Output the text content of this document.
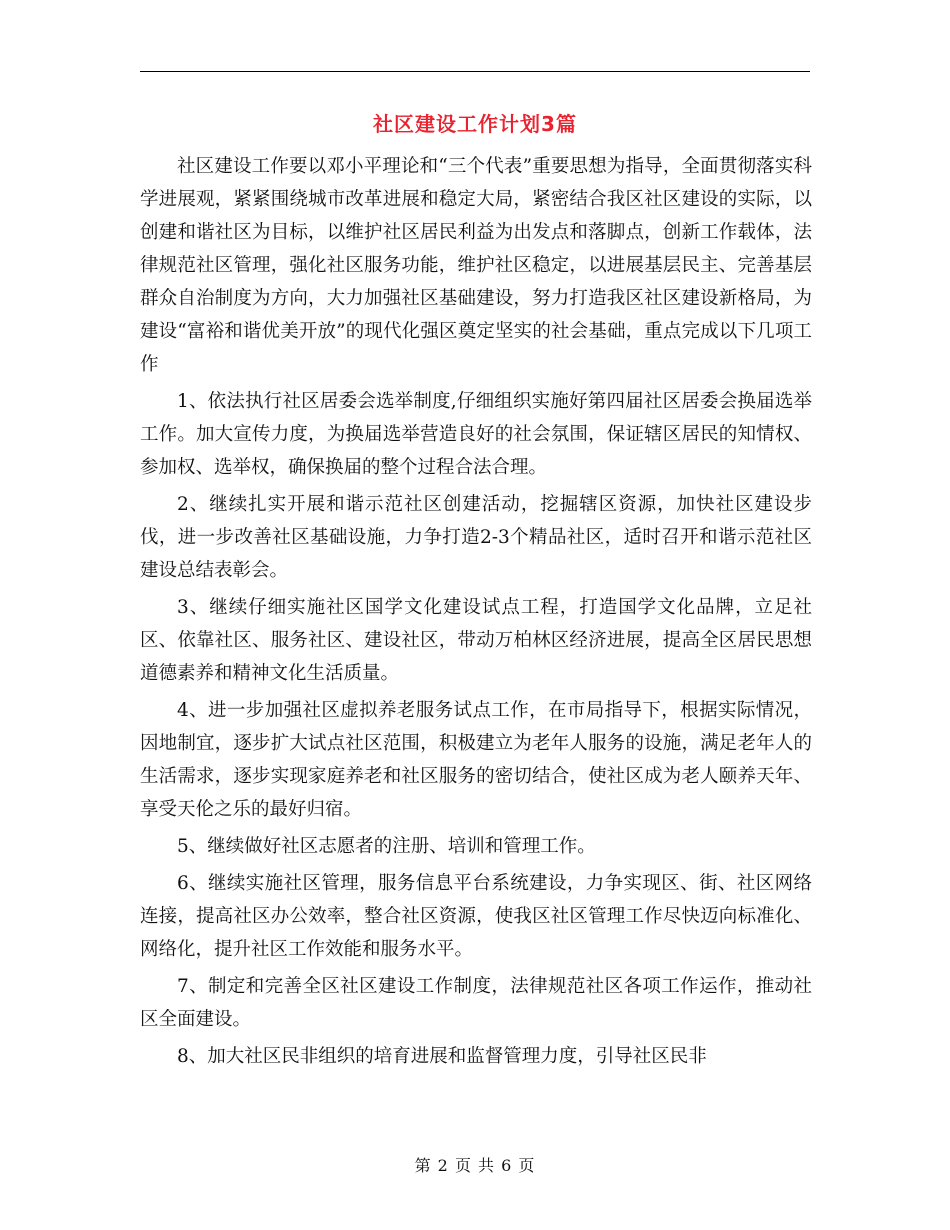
社区建设工作计划3篇

社区建设工作要以邓小平理论和“三个代表”重要思想为指导，全面贯彻落实科学进展观，紧紧围绕城市改革进展和稳定大局，紧密结合我区社区建设的实际，以创建和谐社区为目标，以维护社区居民利益为出发点和落脚点，创新工作载体，法律规范社区管理，强化社区服务功能，维护社区稳定，以进展基层民主、完善基层群众自治制度为方向，大力加强社区基础建设，努力打造我区社区建设新格局，为建设“富裕和谐优美开放”的现代化强区奠定坚实的社会基础，重点完成以下几项工作

1、依法执行社区居委会选举制度,仔细组织实施好第四届社区居委会换届选举工作。加大宣传力度，为换届选举营造良好的社会氛围，保证辖区居民的知情权、参加权、选举权，确保换届的整个过程合法合理。

2、继续扎实开展和谐示范社区创建活动，挖掘辖区资源，加快社区建设步伐，进一步改善社区基础设施，力争打造2-3个精品社区，适时召开和谐示范社区建设总结表彰会。

3、继续仔细实施社区国学文化建设试点工程，打造国学文化品牌，立足社区、依靠社区、服务社区、建设社区，带动万柏林区经济进展，提高全区居民思想道德素养和精神文化生活质量。

4、进一步加强社区虚拟养老服务试点工作，在市局指导下，根据实际情况，因地制宜，逐步扩大试点社区范围，积极建立为老年人服务的设施，满足老年人的生活需求，逐步实现家庭养老和社区服务的密切结合，使社区成为老人颐养天年、享受天伦之乐的最好归宿。

5、继续做好社区志愿者的注册、培训和管理工作。

6、继续实施社区管理，服务信息平台系统建设，力争实现区、街、社区网络连接，提高社区办公效率，整合社区资源，使我区社区管理工作尽快迈向标准化、网络化，提升社区工作效能和服务水平。

7、制定和完善全区社区建设工作制度，法律规范社区各项工作运作，推动社区全面建设。

8、加大社区民非组织的培育进展和监督管理力度，引导社区民非

第 2 页 共 6 页
